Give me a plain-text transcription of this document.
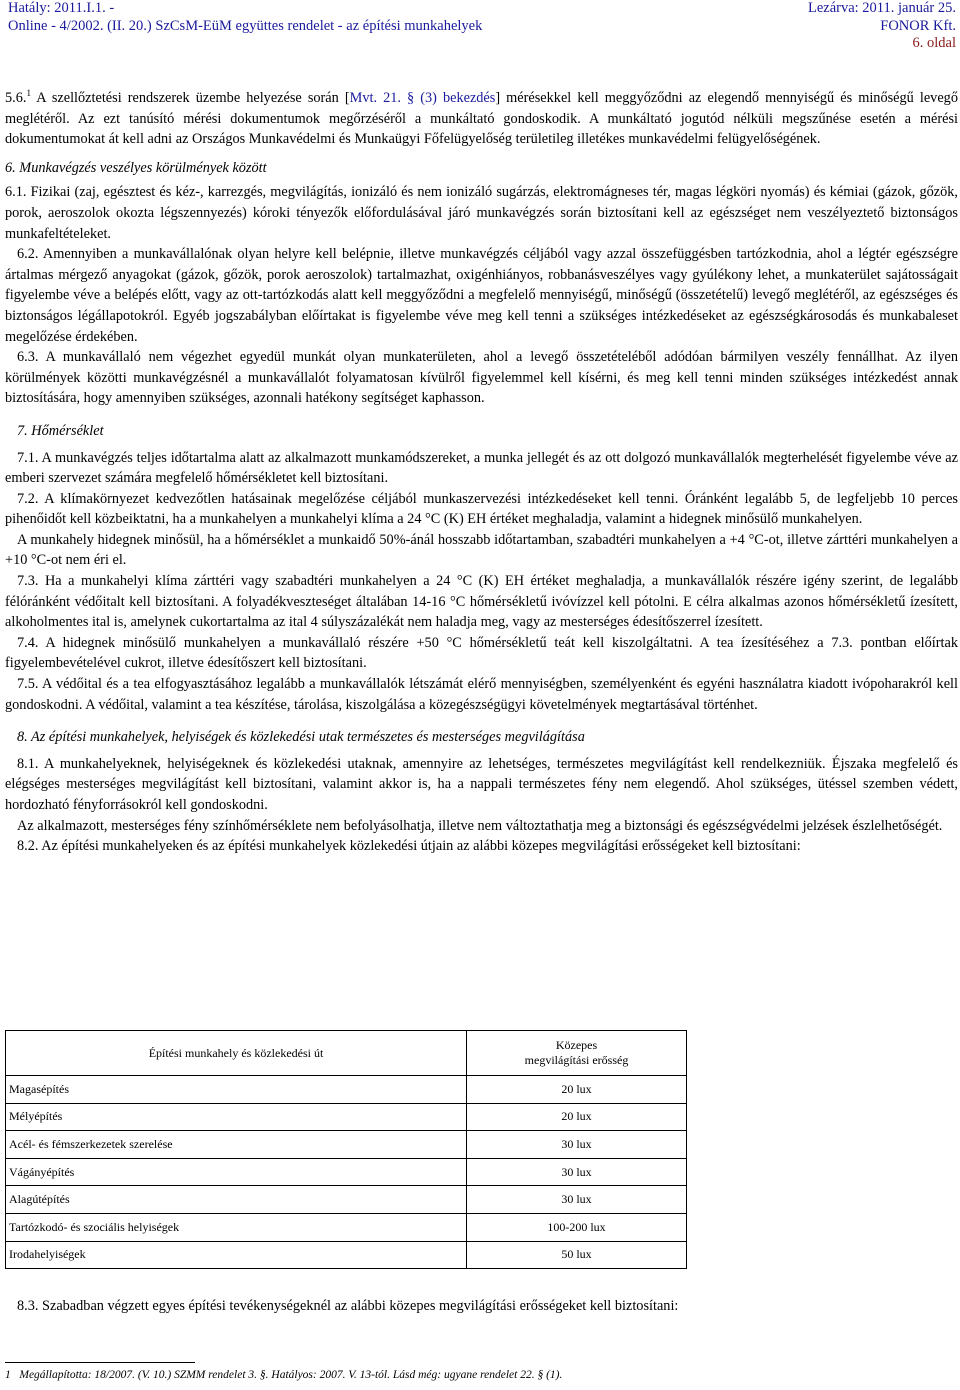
Hatály: 2011.I.1. -
Online - 4/2002. (II. 20.) SzCsM-EüM együttes rendelet - az építési munkahelyek
Lezárva: 2011. január 25.
FONOR Kft.
6. oldal

5.6.$^1$ A szellőztetési rendszerek üzembe helyezése során [Mvt. 21. § (3) bekezdés] mérésekkel kell meggyőződni az elegendő mennyiségű és minőségű levegő meglétéről. Az ezt tanúsító mérési dokumentumok megőrzéséről a munkáltató gondoskodik. A munkáltató jogutód nélküli megszűnése esetén a mérési dokumentumokat át kell adni az Országos Munkavédelmi és Munkaügyi Főfelügyelőség területileg illetékes munkavédelmi felügyelőségének.

6. Munkavégzés veszélyes körülmények között

6.1. Fizikai (zaj, egésztest és kéz-, karrezgés, megvilágítás, ionizáló és nem ionizáló sugárzás, elektromágneses tér, magas légköri nyomás) és kémiai (gázok, gőzök, porok, aeroszolok okozta légszennyezés) kóroki tényezők előfordulásával járó munkavégzés során biztosítani kell az egészséget nem veszélyeztető biztonságos munkafeltételeket.

6.2. Amennyiben a munkavállalónak olyan helyre kell belépnie, illetve munkavégzés céljából vagy azzal összefüggésben tartózkodnia, ahol a légtér egészségre ártalmas mérgező anyagokat (gázok, gőzök, porok aeroszolok) tartalmazhat, oxigénhiányos, robbanásveszélyes vagy gyúlékony lehet, a munkaterület sajátosságait figyelembe véve a belépés előtt, vagy az ott-tartózkodás alatt kell meggyőződni a megfelelő mennyiségű, minőségű (összetételű) levegő meglétéről, az egészséges és biztonságos légállapotokról. Egyéb jogszabályban előírtakat is figyelembe véve meg kell tenni a szükséges intézkedéseket az egészségkárosodás és munkabaleset megelőzése érdekében.

6.3. A munkavállaló nem végezhet egyedül munkát olyan munkaterületen, ahol a levegő összetételéből adódóan bármilyen veszély fennállhat. Az ilyen körülmények közötti munkavégzésnél a munkavállalót folyamatosan kívülről figyelemmel kell kísérni, és meg kell tenni minden szükséges intézkedést annak biztosítására, hogy amennyiben szükséges, azonnali hatékony segítséget kaphasson.

7. Hőmérséklet

7.1. A munkavégzés teljes időtartalma alatt az alkalmazott munkamódszereket, a munka jellegét és az ott dolgozó munkavállalók megterhelését figyelembe véve az emberi szervezet számára megfelelő hőmérsékletet kell biztosítani.

7.2. A klímakörnyezet kedvezőtlen hatásainak megelőzése céljából munkaszervezési intézkedéseket kell tenni. Óránként legalább 5, de legfeljebb 10 perces pihenőidőt kell közbeiktatni, ha a munkahelyen a munkahelyi klíma a 24 °C (K) EH értéket meghaladja, valamint a hidegnek minősülő munkahelyen.

A munkahely hidegnek minősül, ha a hőmérséklet a munkaidő 50%-ánál hosszabb időtartamban, szabadtéri munkahelyen a +4 °C-ot, illetve zárttéri munkahelyen a +10 °C-ot nem éri el.

7.3. Ha a munkahelyi klíma zárttéri vagy szabadtéri munkahelyen a 24 °C (K) EH értéket meghaladja, a munkavállalók részére igény szerint, de legalább félóránként védőitalt kell biztosítani. A folyadékveszteséget általában 14-16 °C hőmérsékletű ivóvízzel kell pótolni. E célra alkalmas azonos hőmérsékletű ízesített, alkoholmentes ital is, amelynek cukortartalma az ital 4 súlyszázalékát nem haladja meg, vagy az mesterséges édesítőszerrel ízesített.

7.4. A hidegnek minősülő munkahelyen a munkavállaló részére +50 °C hőmérsékletű teát kell kiszolgáltatni. A tea ízesítéséhez a 7.3. pontban előírtak figyelembevételével cukrot, illetve édesítőszert kell biztosítani.

7.5. A védőital és a tea elfogyasztásához legalább a munkavállalók létszámát elérő mennyiségben, személyenként és egyéni használatra kiadott ivópoharakról kell gondoskodni. A védőital, valamint a tea készítése, tárolása, kiszolgálása a közegészségügyi követelmények megtartásával történhet.

8. Az építési munkahelyek, helyiségek és közlekedési utak természetes és mesterséges megvilágítása

8.1. A munkahelyeknek, helyiségeknek és közlekedési utaknak, amennyire az lehetséges, természetes megvilágítást kell rendelkezniük. Éjszaka megfelelő és elégséges mesterséges megvilágítást kell biztosítani, valamint akkor is, ha a nappali természetes fény nem elegendő. Ahol szükséges, ütéssel szemben védett, hordozható fényforrásokról kell gondoskodni.

Az alkalmazott, mesterséges fény színhőmérséklete nem befolyásolhatja, illetve nem változtathatja meg a biztonsági és egészségvédelmi jelzések észlelhetőségét.

8.2. Az építési munkahelyeken és az építési munkahelyek közlekedési útjain az alábbi közepes megvilágítási erősségeket kell biztosítani:

Építési munkahely és közlekedési út	Közepes
megvilágítási erősség

Magasépítés	20 lux
Mélyépítés	20 lux
Acél- és fémszerkezetek szerelése	30 lux
Vágányépítés	30 lux
Alagútépítés	30 lux
Tartózkodó- és szociális helyiségek	100-200 lux
Irodahelyiségek	50 lux

8.3. Szabadban végzett egyes építési tevékenységeknél az alábbi közepes megvilágítási erősségeket kell biztosítani:

1 Megállapította: 18/2007. (V. 10.) SZMM rendelet 3. §. Hatályos: 2007. V. 13-tól. Lásd még: ugyane rendelet 22. § (1).
